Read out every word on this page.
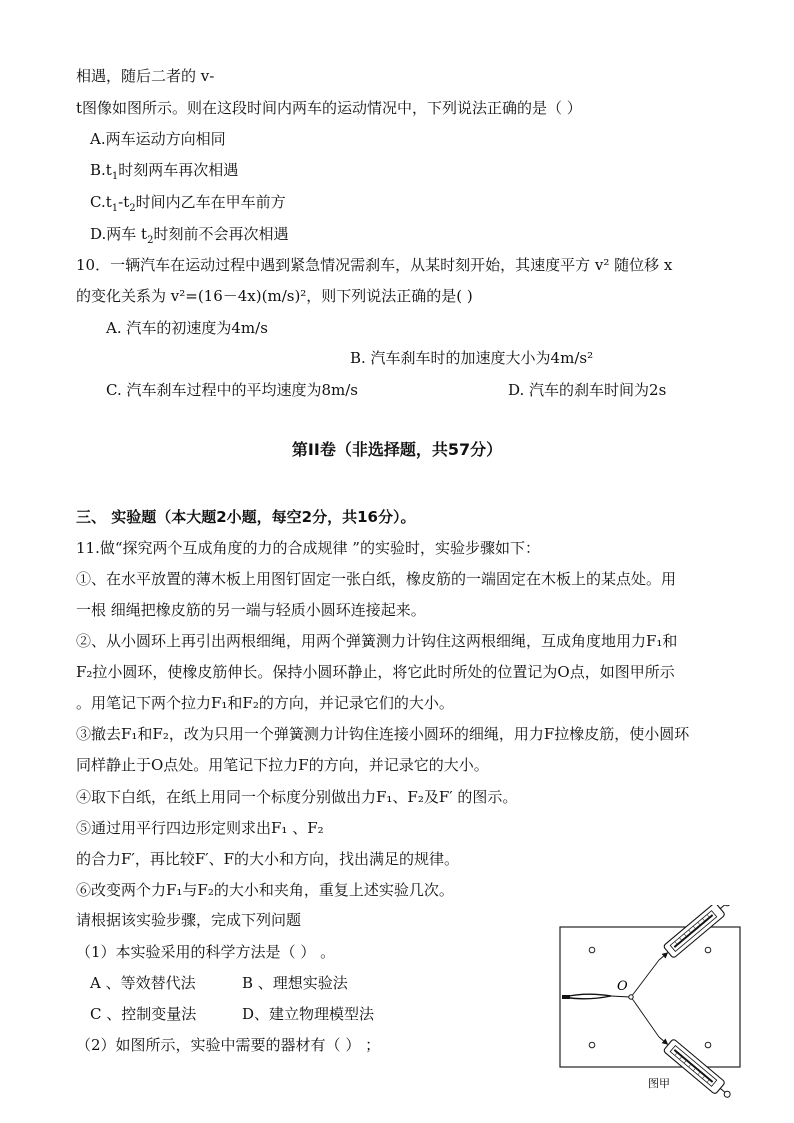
相遇，随后二者的 v-
t图像如图所示。则在这段时间内两车的运动情况中，下列说法正确的是（ ）
A.两车运动方向相同
$B.t_1$时刻两车再次相遇
$C.t_1-t_2$时间内乙车在甲车前方
D.两车 $t_2$时刻前不会再次相遇
10．一辆汽车在运动过程中遇到紧急情况需刹车，从某时刻开始，其速度平方 v² 随位移 x
的变化关系为 v²=(16－4x)(m/s)²，则下列说法正确的是( )
A. 汽车的初速度为4m/s
B. 汽车刹车时的加速度大小为4m/s²
C. 汽车刹车过程中的平均速度为8m/s	D. 汽车的刹车时间为2s
第II卷（非选择题，共57分）
三、 实验题（本大题2小题，每空2分，共16分）。
11.做“探究两个互成角度的力的合成规律 ”的实验时，实验步骤如下：
①、在水平放置的薄木板上用图钉固定一张白纸，橡皮筋的一端固定在木板上的某点处。用
一根 细绳把橡皮筋的另一端与轻质小圆环连接起来。
②、从小圆环上再引出两根细绳，用两个弹簧测力计钩住这两根细绳，互成角度地用力F₁和
F₂拉小圆环，使橡皮筋伸长。保持小圆环静止，将它此时所处的位置记为O点，如图甲所示
。用笔记下两个拉力F₁和F₂的方向，并记录它们的大小。
③撤去F₁和F₂，改为只用一个弹簧测力计钩住连接小圆环的细绳，用力F拉橡皮筋，使小圆环
同样静止于O点处。用笔记下拉力F的方向，并记录它的大小。
④取下白纸，在纸上用同一个标度分别做出力F₁、F₂及F′ 的图示。
⑤通过用平行四边形定则求出F₁ 、F₂
的合力F′，再比较F′、F的大小和方向，找出满足的规律。
⑥改变两个力F₁与F₂的大小和夹角，重复上述实验几次。
请根据该实验步骤，完成下列问题
（1）本实验采用的科学方法是（ ） 。
A 、等效替代法	B 、理想实验法
C 、控制变量法	D、建立物理模型法
（2）如图所示，实验中需要的器材有（ ） ；
O
图甲
